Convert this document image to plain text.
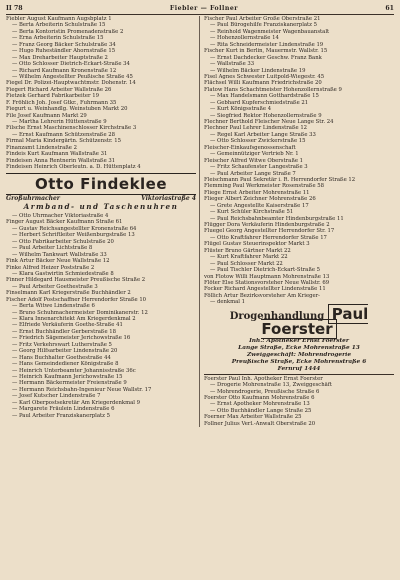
II 78	Fiebler — Follner	61
Fiebler August Kaufmann Augsbplatz 1
— Berta Arbeiterin Schulstraße 15
— Berta Kontoristin Promenadenstraße 2
— Erna Arbeiterin Schulstraße 15
— Franz Georg Bäcker Schulstraße 34
— Hugo Ruheständler Ahornstraße 15
— Max Dreharbeiter Hauptstraße 2
— Otto Schlosser Dietrich-Eckart-Straße 34
— Richard Kaufmann Kronenstraße 12
— Wilhelm Angestellter Peußische Straße 45
Fiegel Dr. Polizei-Hauptwachtmstr. Dohenstr. 14
Fiegert Richard Arbeiter Wallstraße 26
Fietzek Gerhard Fabrikarbeiter 19
F. Fröhlich Joh. Josef Gtkr., Fuhrmann 35
Fiegurt u. Weinhandlg. Weinstuben Markt 20
File Josef Kaufmann Markt 29
— Martha Lehrerin Hüttenstraße 9
Filsche Ernst Maschinenschlosser Kirchstraße 3
— Ernst Kaufmann Schützenstraße 28
Firmal Maria Kindergärtn. Schützenstr. 15
Finanzamt Lindenstraße 2
Findeis Kurt Kaufmann Wallstraße 31
Findeisen Anna Rentnerin Wallstraße 31
Findeisen Heinrich Oberleutn. a. D. Hüttenplatz 4
Otto Findeklee
Großuhrmacher	Viktoriastraße 4
Armband- und Taschenuhren
— Otto Uhrmacher Viktoriastraße 4
Finger August Bäcker Kaufmann Straße 61
— Gustav Reichsangestellter Kronenstraße 64
— Herbert Schriftleiter Weißenburgstraße 13
— Otto Fabrikarbeiter Schulstraße 20
— Paul Arbeiter Lichtstraße 8
— Wilhelm Tankwart Wallstraße 33
Fink Artur Bäcker Neue Wallstraße 12
Finke Alfred Heizer Poststraße 2
— Klara Gastwirtin Schmiedestraße 8
Finner Hildegard Hausmeister Preußische Straße 2
— Paul Arbeiter Goethestraße 3
Finselmann Karl Kriegerstraße Buchhändler 2
Fischer Adolf Postschaffner Herrendorfer Straße 10
— Berta Witwe Lindenstraße 6
— Bruno Schuhmachermeister Dominikanerstr. 12
— Klara Innenarchitekt Am Kriegerdenkmal 2
— Elfriede Verkäuferin Goethe-Straße 41
— Ernst Buchhändler Gerberstraße 18
— Friedrich Sägemeister Jerichowstraße 16
— Fritz Verkehrswart Lutherstraße 5
— Georg Hilfsarbeiter Lindenstraße 20
— Hans Buchhalter Goethestraße 44
— Hans Gemeindediener Königstraße 8
— Heinrich Unterbeamter Johannisstraße 36c
— Heinrich Kaufmann Jerichowstraße 15
— Hermann Bäckermeister Freienstraße 9
— Hermann Reichsbahn-Ingenieur Neue Wallstr. 17
— Josef Kutscher Lindenstraße 7
— Karl Oberpostsekretär Am Kriegerdenkmal 9
— Margarete Fräulein Lindenstraße 6
— Paul Arbeiter Franziskanerplatz 5
Fischer Paul Arbeiter Große Oberstraße 21
— Paul Bürogehilfe Franziskanerplatz 5
— Reinhold Wagenmeister Wagenbauanstalt
— Hohenzollernstraße 14
— Rita Schneidermeister Lindenstraße 19
Fischer Kurt in Berlin, Mauermstr. Wallstr. 15
— Ernst Dachdecker Geschw. Franz Bank
— Wallstraße 33
— Wilhelm Bäcker Lindenstraße 19
Fisel Agnes Schwester Luitpold-Wiegestr. 45
Flächsel Willi Kaufmann Friedrichstraße 20
Flatow Hans Schachtmeister Hohenzollernstraße 9
— Max Handelsmann Gotthardstraße 15
— Gebhard Kupferschmiedstraße 21
— Kurt Königsstraße 4
— Siegfried Rektor Hohenzollernstraße 9
Flechner Berthold Fleischer Neue Lange Str. 24
Flechner Paul Lehrer Lindenstraße 12
— Regel Karl Arbeiter Lange Straße 33
— Otto Schlosser Zwickerstraße 15
Fleischer-Einkaufsgenossenschaft
— Gemeinnütziger Vertrieb Nr. 1
Fleischer Alfred Witwe Oberstraße 1
— Fritz Schaufenster Langestraße 3
— Paul Arbeiter Lange Straße 7
Fleischmann Paul Sekretär i. R. Herrendorfer Straße 12
Flemming Paul Werkmeister Rosenstraße 58
Fliege Ernst Arbeiter Mohrenstraße 11
Flieger Albert Zeichner Mohrenstraße 26
— Grete Angestellte Kaiserstraße 17
— Kurt Schüler Kirchstraße 51
— Paul Reichsbahnbeamter Hindenburgstraße 11
Flügger Dora Verkäuferin Hindenburgstraße 2
Fluegel Georg Angestellter Herrendorfer Str. 17
— Otto Kraftfahrer Herrendorfer Straße 17
Flügel Gustav Steuerinspektor Markt 3
Flüster Bruno Gärtner Markt 22
— Kurt Kraftfahrer Markt 22
— Paul Schlosser Markt 22
— Paul Tischler Dietrich-Eckart-Straße 5
von Flotow Willi Hauptmann Mohrenstraße 13
Flöter Else Stationsvorsteher Neue Wallstr. 69
Focker Richard Angestellter Lindenstraße 11
Föllich Artur Bezirksvorsteher Am Krieger-
— denkmal 1
Drogenhandlung Paul Foerster
Inh.: Apotheker Ernst Foerster
Lange Straße, Ecke Mohrenstraße 13
Zweiggeschäft: Mohrendrogerie
Preußische Straße, Ecke Mohrenstraße 6
Fernruf 1444
Foerster Paul Inh. Apotheker Ernst Foerster
— Drogerie Mohrenstraße 13, Zweiggeschäft
— Mohrendrogerie, Preußische Straße 6
Foerster Otto Kaufmann Mohrenstraße 6
— Ernst Apotheker Mohrenstraße 13
— Otto Buchhändler Lange Straße 25
Foerner Max Arbeiter Wallstraße 25
Follner Julius Verl.-Anwalt Oberstraße 20
